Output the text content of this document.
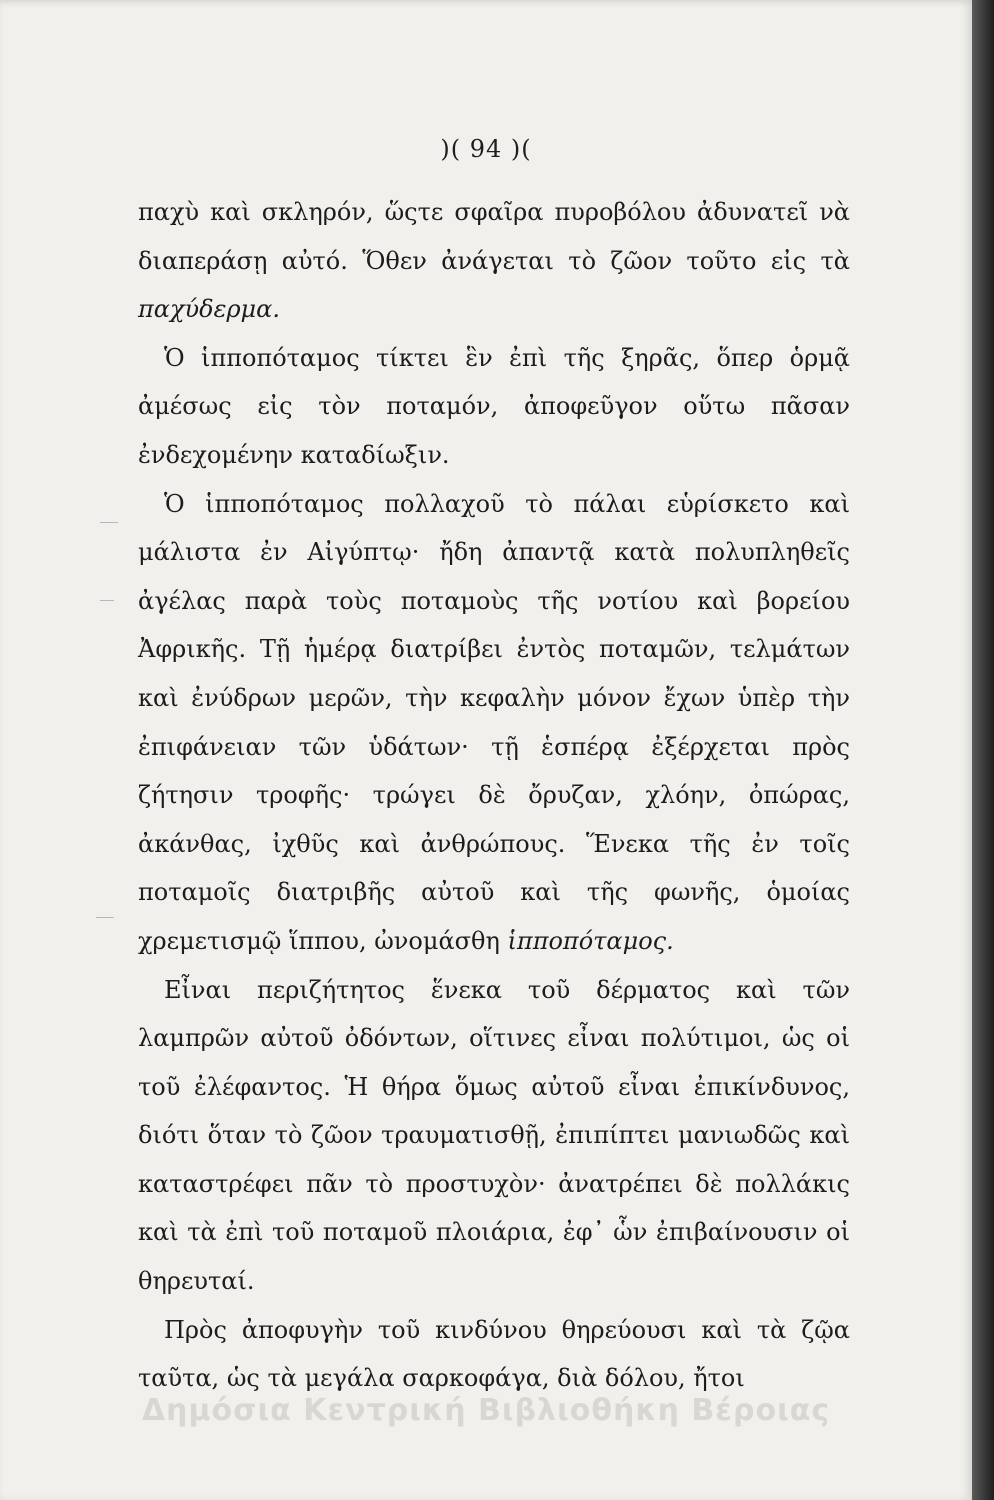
)( 94 )(

παχὺ καὶ σκληρόν, ὥςτε σφαῖρα πυροβόλου ἀδυνατεῖ νὰ διαπεράσῃ αὐτό. Ὅθεν ἀνάγεται τὸ ζῶον τοῦτο εἰς τὰ παχύδερμα.

Ὁ ἱπποπόταμος τίκτει ἓν ἐπὶ τῆς ξηρᾶς, ὅπερ ὁρμᾷ ἀμέσως εἰς τὸν ποταμόν, ἀποφεῦγον οὕτω πᾶσαν ἐνδεχομένην καταδίωξιν.

Ὁ ἱπποπόταμος πολλαχοῦ τὸ πάλαι εὑρίσκετο καὶ μάλιστα ἐν Αἰγύπτῳ· ἤδη ἀπαντᾷ κατὰ πολυπληθεῖς ἀγέλας παρὰ τοὺς ποταμοὺς τῆς νοτίου καὶ βορείου Ἀφρικῆς. Τῇ ἡμέρᾳ διατρίβει ἐντὸς ποταμῶν, τελμάτων καὶ ἐνύδρων μερῶν, τὴν κεφαλὴν μόνον ἔχων ὑπὲρ τὴν ἐπιφάνειαν τῶν ὑδάτων· τῇ ἑσπέρᾳ ἐξέρχεται πρὸς ζήτησιν τροφῆς· τρώγει δὲ ὄρυζαν, χλόην, ὀπώρας, ἀκάνθας, ἰχθῦς καὶ ἀνθρώπους. Ἕνεκα τῆς ἐν τοῖς ποταμοῖς διατριβῆς αὐτοῦ καὶ τῆς φωνῆς, ὁμοίας χρεμετισμῷ ἵππου, ὠνομάσθη ἱπποπόταμος.

Εἶναι περιζήτητος ἕνεκα τοῦ δέρματος καὶ τῶν λαμπρῶν αὐτοῦ ὀδόντων, οἵτινες εἶναι πολύτιμοι, ὡς οἱ τοῦ ἐλέφαντος. Ἡ θήρα ὅμως αὐτοῦ εἶναι ἐπικίνδυνος, διότι ὅταν τὸ ζῶον τραυματισθῇ, ἐπιπίπτει μανιωδῶς καὶ καταστρέφει πᾶν τὸ προστυχὸν· ἀνατρέπει δὲ πολλάκις καὶ τὰ ἐπὶ τοῦ ποταμοῦ πλοιάρια, ἐφ᾽ ὧν ἐπιβαίνουσιν οἱ θηρευταί.

Πρὸς ἀποφυγὴν τοῦ κινδύνου θηρεύουσι καὶ τὰ ζῷα ταῦτα, ὡς τὰ μεγάλα σαρκοφάγα, διὰ δόλου, ἤτοι

Δημόσια Κεντρική Βιβλιοθήκη Βέροιας
